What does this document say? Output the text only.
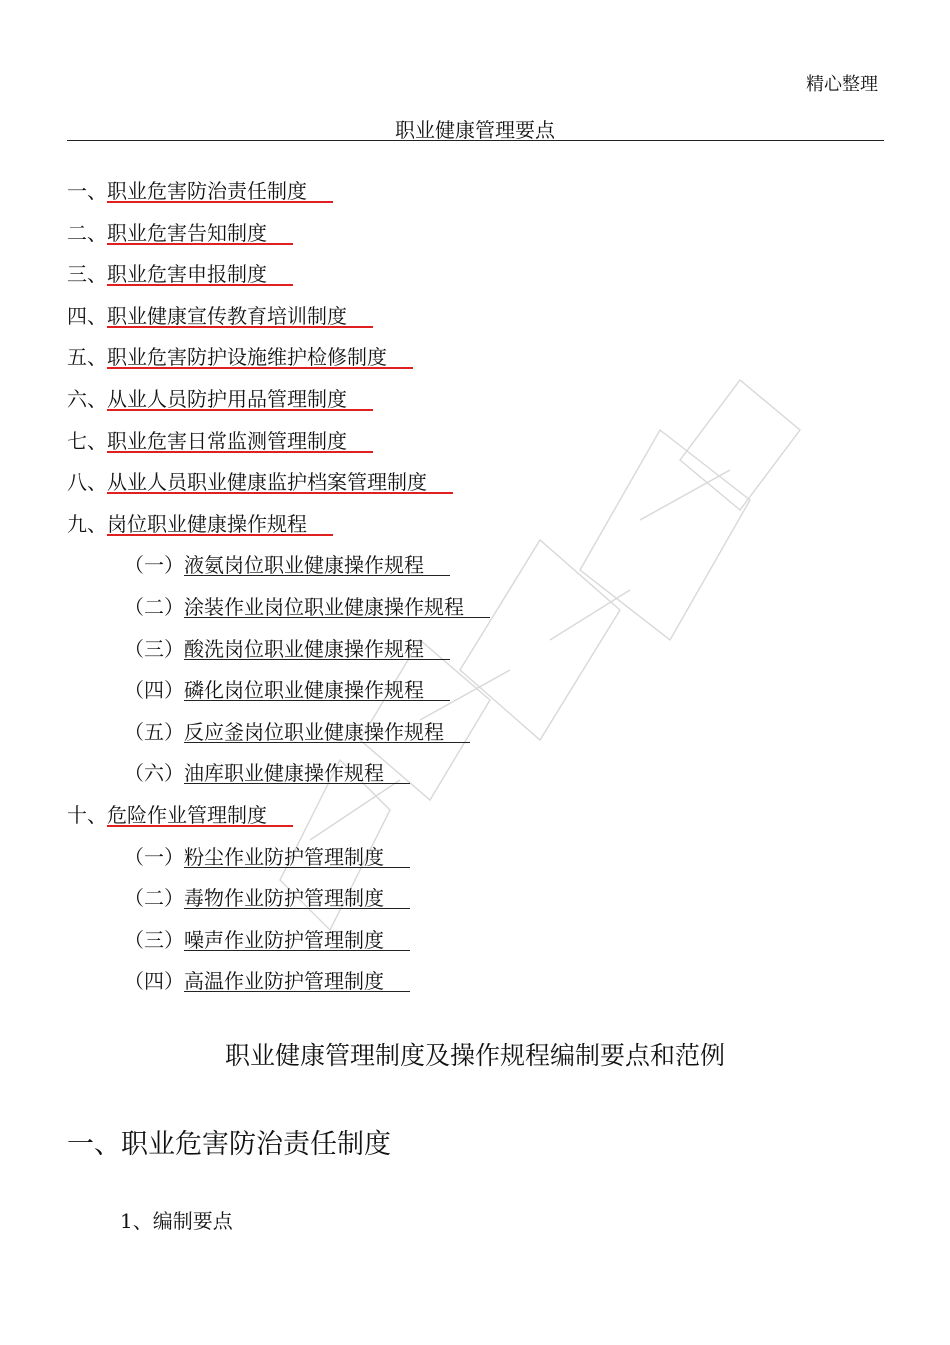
精心整理
职业健康管理要点
一、职业危害防治责任制度
二、职业危害告知制度
三、职业危害申报制度
四、职业健康宣传教育培训制度
五、职业危害防护设施维护检修制度
六、从业人员防护用品管理制度
七、职业危害日常监测管理制度
八、从业人员职业健康监护档案管理制度
九、岗位职业健康操作规程
（一）液氨岗位职业健康操作规程
（二）涂装作业岗位职业健康操作规程
（三）酸洗岗位职业健康操作规程
（四）磷化岗位职业健康操作规程
（五）反应釜岗位职业健康操作规程
（六）油库职业健康操作规程
十、危险作业管理制度
（一）粉尘作业防护管理制度
（二）毒物作业防护管理制度
（三）噪声作业防护管理制度
（四）高温作业防护管理制度
职业健康管理制度及操作规程编制要点和范例
一、职业危害防治责任制度
1、编制要点
